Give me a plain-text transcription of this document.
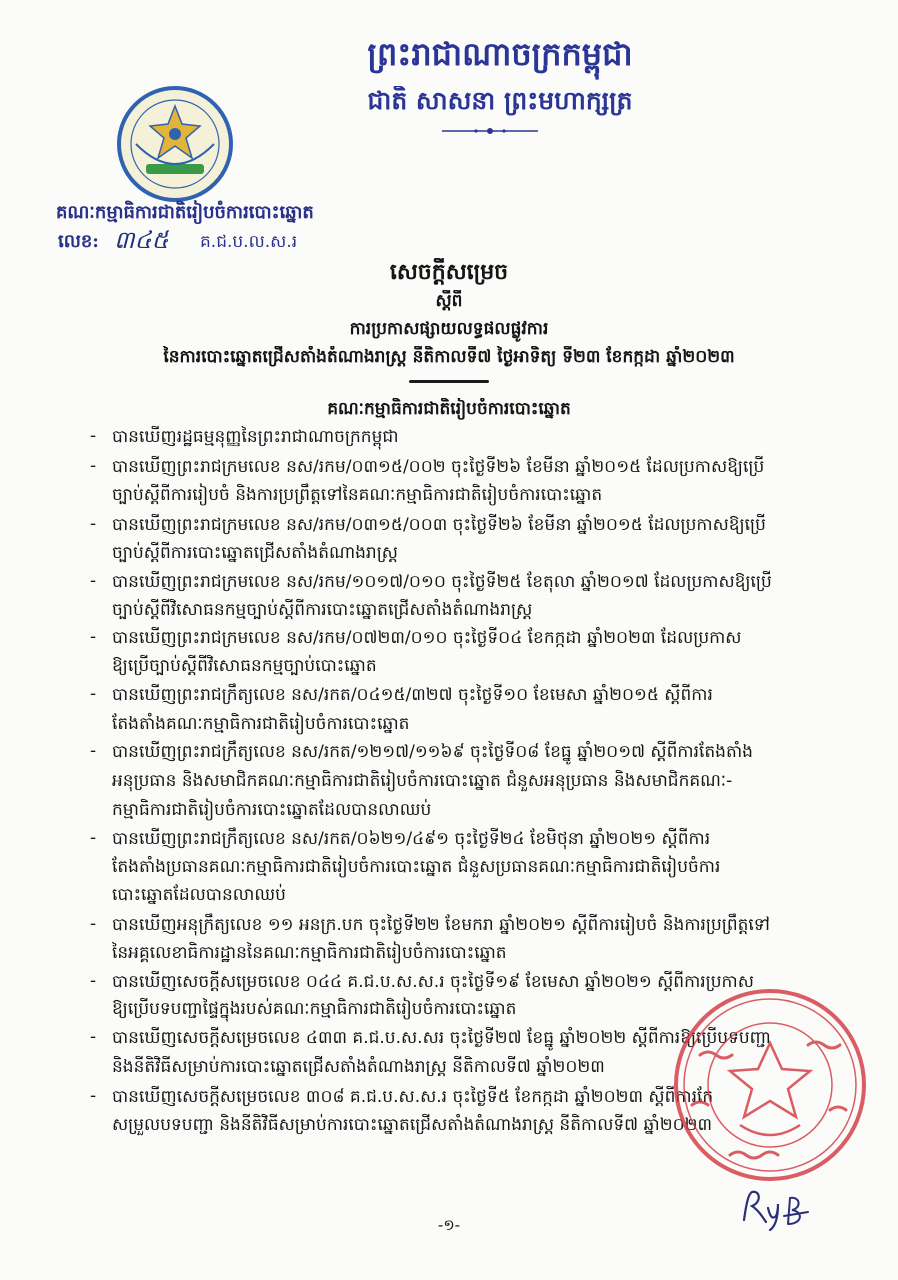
ព្រះរាជាណាចក្រកម្ពុជា
ជាតិ សាសនា ព្រះមហាក្សត្រ
គណៈកម្មាធិការជាតិរៀបចំការបោះឆ្នោត
លេខ: ៣៤៥ គ.ជ.ប.ល.ស.រ
សេចក្ដីសម្រេច
ស្ដីពី
ការប្រកាសផ្សាយលទ្ធផលផ្លូវការ
នៃការបោះឆ្នោតជ្រើសតាំងតំណាងរាស្ត្រ នីតិកាលទី៧ ថ្ងៃអាទិត្យ ទី២៣ ខែកក្កដា ឆ្នាំ២០២៣
គណៈកម្មាធិការជាតិរៀបចំការបោះឆ្នោត
- បានឃើញរដ្ឋធម្មនុញ្ញនៃព្រះរាជាណាចក្រកម្ពុជា
- បានឃើញព្រះរាជក្រមលេខ នស/រកម/០៣១៥/០០២ ចុះថ្ងៃទី២៦ ខែមីនា ឆ្នាំ២០១៥ ដែលប្រកាសឱ្យប្រើ
ច្បាប់ស្ដីពីការរៀបចំ និងការប្រព្រឹត្តទៅនៃគណៈកម្មាធិការជាតិរៀបចំការបោះឆ្នោត
- បានឃើញព្រះរាជក្រមលេខ នស/រកម/០៣១៥/០០៣ ចុះថ្ងៃទី២៦ ខែមីនា ឆ្នាំ២០១៥ ដែលប្រកាសឱ្យប្រើ
ច្បាប់ស្ដីពីការបោះឆ្នោតជ្រើសតាំងតំណាងរាស្ត្រ
- បានឃើញព្រះរាជក្រមលេខ នស/រកម/១០១៧/០១០ ចុះថ្ងៃទី២៥ ខែតុលា ឆ្នាំ២០១៧ ដែលប្រកាសឱ្យប្រើ
ច្បាប់ស្ដីពីវិសោធនកម្មច្បាប់ស្ដីពីការបោះឆ្នោតជ្រើសតាំងតំណាងរាស្ត្រ
- បានឃើញព្រះរាជក្រមលេខ នស/រកម/០៧២៣/០១០ ចុះថ្ងៃទី០៤ ខែកក្កដា ឆ្នាំ២០២៣ ដែលប្រកាស
ឱ្យប្រើច្បាប់ស្ដីពីវិសោធនកម្មច្បាប់បោះឆ្នោត
- បានឃើញព្រះរាជក្រឹត្យលេខ នស/រកត/០៤១៥/៣២៧ ចុះថ្ងៃទី១០ ខែមេសា ឆ្នាំ២០១៥ ស្ដីពីការ
តែងតាំងគណៈកម្មាធិការជាតិរៀបចំការបោះឆ្នោត
- បានឃើញព្រះរាជក្រឹត្យលេខ នស/រកត/១២១៧/១១៦៩ ចុះថ្ងៃទី០៨ ខែធ្នូ ឆ្នាំ២០១៧ ស្ដីពីការតែងតាំង
អនុប្រធាន និងសមាជិកគណៈកម្មាធិការជាតិរៀបចំការបោះឆ្នោត ជំនួសអនុប្រធាន និងសមាជិកគណៈ-
កម្មាធិការជាតិរៀបចំការបោះឆ្នោតដែលបានលាឈប់
- បានឃើញព្រះរាជក្រឹត្យលេខ នស/រកត/០៦២១/៤៩១ ចុះថ្ងៃទី២៤ ខែមិថុនា ឆ្នាំ២០២១ ស្ដីពីការ
តែងតាំងប្រធានគណៈកម្មាធិការជាតិរៀបចំការបោះឆ្នោត ជំនួសប្រធានគណៈកម្មាធិការជាតិរៀបចំការ
បោះឆ្នោតដែលបានលាឈប់
- បានឃើញអនុក្រឹត្យលេខ ១១ អនក្រ.បក ចុះថ្ងៃទី២២ ខែមករា ឆ្នាំ២០២១ ស្ដីពីការរៀបចំ និងការប្រព្រឹត្តទៅ
នៃអគ្គលេខាធិការដ្ឋាននៃគណៈកម្មាធិការជាតិរៀបចំការបោះឆ្នោត
- បានឃើញសេចក្ដីសម្រេចលេខ ០៤៤ គ.ជ.ប.ស.ស.រ ចុះថ្ងៃទី១៩ ខែមេសា ឆ្នាំ២០២១ ស្ដីពីការប្រកាស
ឱ្យប្រើបទបញ្ជាផ្ទៃក្នុងរបស់គណៈកម្មាធិការជាតិរៀបចំការបោះឆ្នោត
- បានឃើញសេចក្ដីសម្រេចលេខ ៤៣៣ គ.ជ.ប.ស.សរ ចុះថ្ងៃទី២៧ ខែធ្នូ ឆ្នាំ២០២២ ស្ដីពីការឱ្យប្រើបទបញ្ជា
និងនីតិវិធីសម្រាប់ការបោះឆ្នោតជ្រើសតាំងតំណាងរាស្ត្រ នីតិកាលទី៧ ឆ្នាំ២០២៣
- បានឃើញសេចក្ដីសម្រេចលេខ ៣០៨ គ.ជ.ប.ស.ស.រ ចុះថ្ងៃទី៥ ខែកក្កដា ឆ្នាំ២០២៣ ស្ដីពីការកែ
សម្រួលបទបញ្ជា និងនីតិវិធីសម្រាប់ការបោះឆ្នោតជ្រើសតាំងតំណាងរាស្ត្រ នីតិកាលទី៧ ឆ្នាំ២០២៣
-១-
